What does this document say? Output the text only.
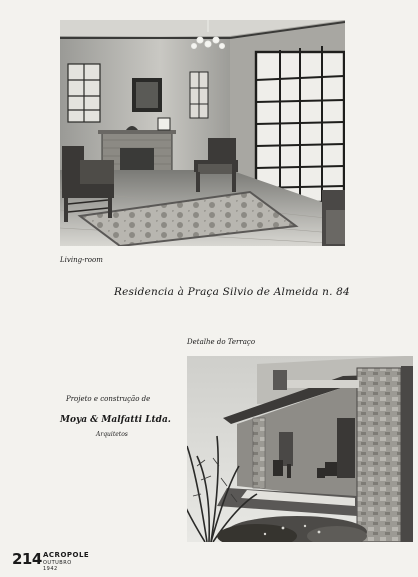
Living-room
Residencia à Praça Silvio de Almeida n. 84
Detalhe do Terraço
Projeto e construção de
Moya & Malfatti Ltda.
Arquitetos
214 ACROPOLE
OUTUBRO 1942
